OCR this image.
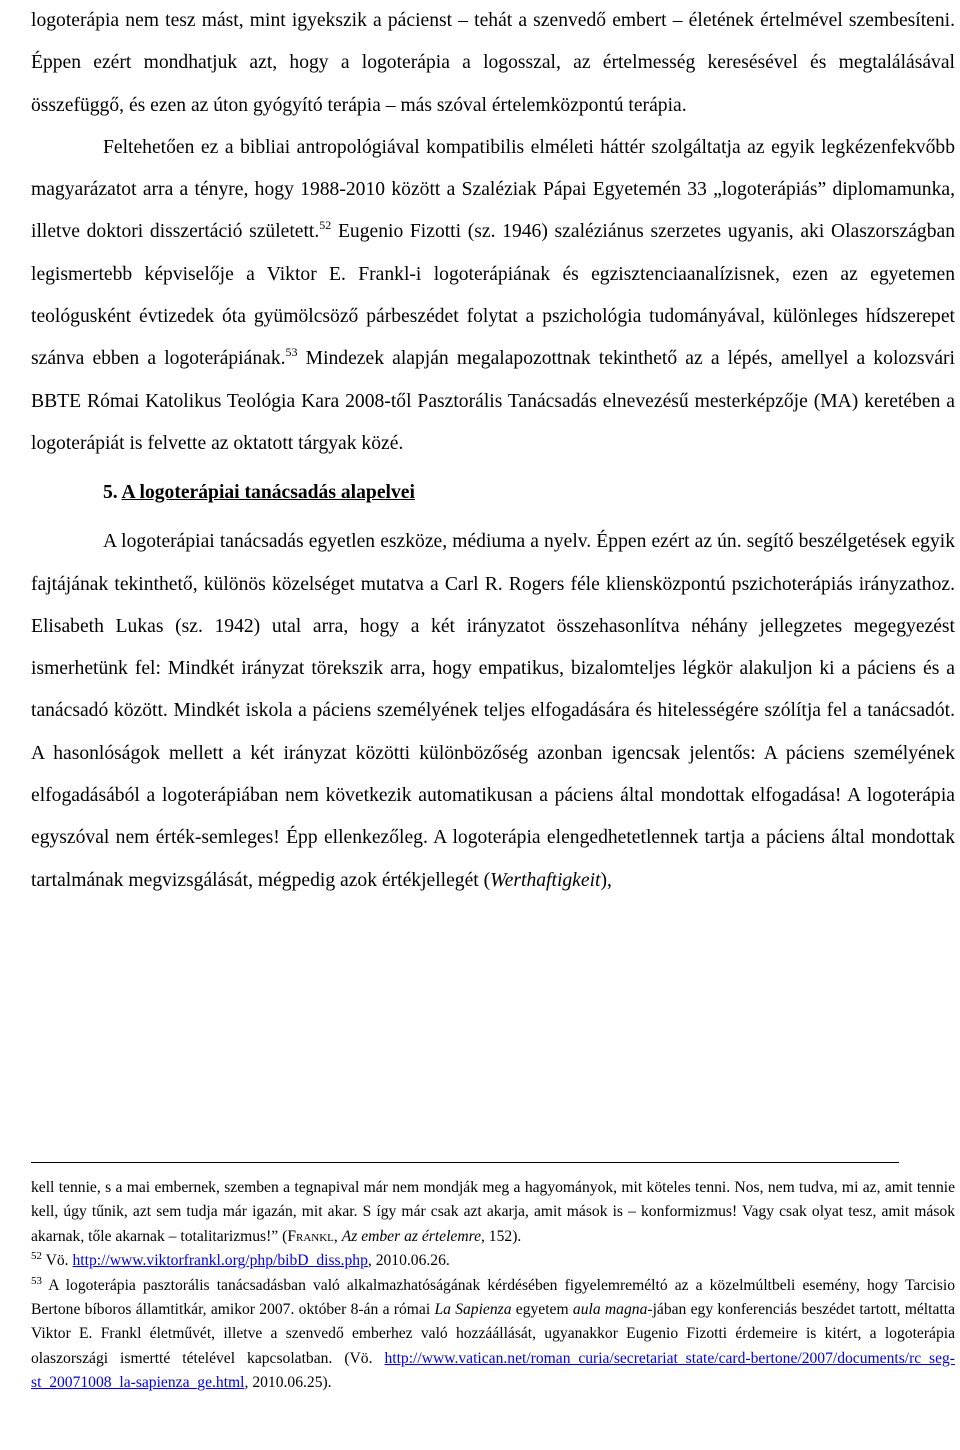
logoterápia nem tesz mást, mint igyekszik a pácienst – tehát a szenvedő embert – életének értelmével szembesíteni. Éppen ezért mondhatjuk azt, hogy a logoterápia a logosszal, az értelmesség keresésével és megtalálásával összefüggő, és ezen az úton gyógyító terápia – más szóval értelemközpontú terápia.

Feltehetően ez a bibliai antropológiával kompatibilis elméleti háttér szolgáltatja az egyik legkézenfekvőbb magyarázatot arra a tényre, hogy 1988-2010 között a Szaléziak Pápai Egyetemén 33 „logoterápiás” diplomamunka, illetve doktori disszertáció született.$^{52}$ Eugenio Fizotti (sz. 1946) szaléziánus szerzetes ugyanis, aki Olaszországban legismertebb képviselője a Viktor E. Frankl-i logoterápiának és egzisztenciaanalízisnek, ezen az egyetemen teológusként évtizedek óta gyümölcsöző párbeszédet folytat a pszichológia tudományával, különleges hídszerepet szánva ebben a logoterápiának.$^{53}$ Mindezek alapján megalapozottnak tekinthető az a lépés, amellyel a kolozsvári BBTE Római Katolikus Teológia Kara 2008-től Pasztorális Tanácsadás elnevezésű mesterképzője (MA) keretében a logoterápiát is felvette az oktatott tárgyak közé.

5. A logoterápiai tanácsadás alapelvei

A logoterápiai tanácsadás egyetlen eszköze, médiuma a nyelv. Éppen ezért az ún. segítő beszélgetések egyik fajtájának tekinthető, különös közelséget mutatva a Carl R. Rogers féle kliensközpontú pszichoterápiás irányzathoz. Elisabeth Lukas (sz. 1942) utal arra, hogy a két irányzatot összehasonlítva néhány jellegzetes megegyezést ismerhetünk fel: Mindkét irányzat törekszik arra, hogy empatikus, bizalomteljes légkör alakuljon ki a páciens és a tanácsadó között. Mindkét iskola a páciens személyének teljes elfogadására és hitelességére szólítja fel a tanácsadót. A hasonlóságok mellett a két irányzat közötti különbözőség azonban igencsak jelentős: A páciens személyének elfogadásából a logoterápiában nem következik automatikusan a páciens által mondottak elfogadása! A logoterápia egyszóval nem érték-semleges! Épp ellenkezőleg. A logoterápia elengedhetetlennek tartja a páciens által mondottak tartalmának megvizsgálását, mégpedig azok értékjellegét (Werthaftigkeit),

kell tennie, s a mai embernek, szemben a tegnapival már nem mondják meg a hagyományok, mit köteles tenni. Nos, nem tudva, mi az, amit tennie kell, úgy tűnik, azt sem tudja már igazán, mit akar. S így már csak azt akarja, amit mások is – konformizmus! Vagy csak olyat tesz, amit mások akarnak, tőle akarnak – totalitarizmus!” (Frankl, Az ember az értelemre, 152).

$^{52}$ Vö. http://www.viktorfrankl.org/php/bibD_diss.php, 2010.06.26.

$^{53}$ A logoterápia pasztorális tanácsadásban való alkalmazhatóságának kérdésében figyelemreméltó az a közelmúltbeli esemény, hogy Tarcisio Bertone bíboros államtitkár, amikor 2007. október 8-án a római La Sapienza egyetem aula magna-jában egy konferenciás beszédet tartott, méltatta Viktor E. Frankl életművét, illetve a szenvedő emberhez való hozzáállását, ugyanakkor Eugenio Fizotti érdemeire is kitért, a logoterápia olaszországi ismertté tételével kapcsolatban. (Vö. http://www.vatican.net/roman_curia/secretariat_state/card-bertone/2007/documents/rc_seg-st_20071008_la-sapienza_ge.html, 2010.06.25).
